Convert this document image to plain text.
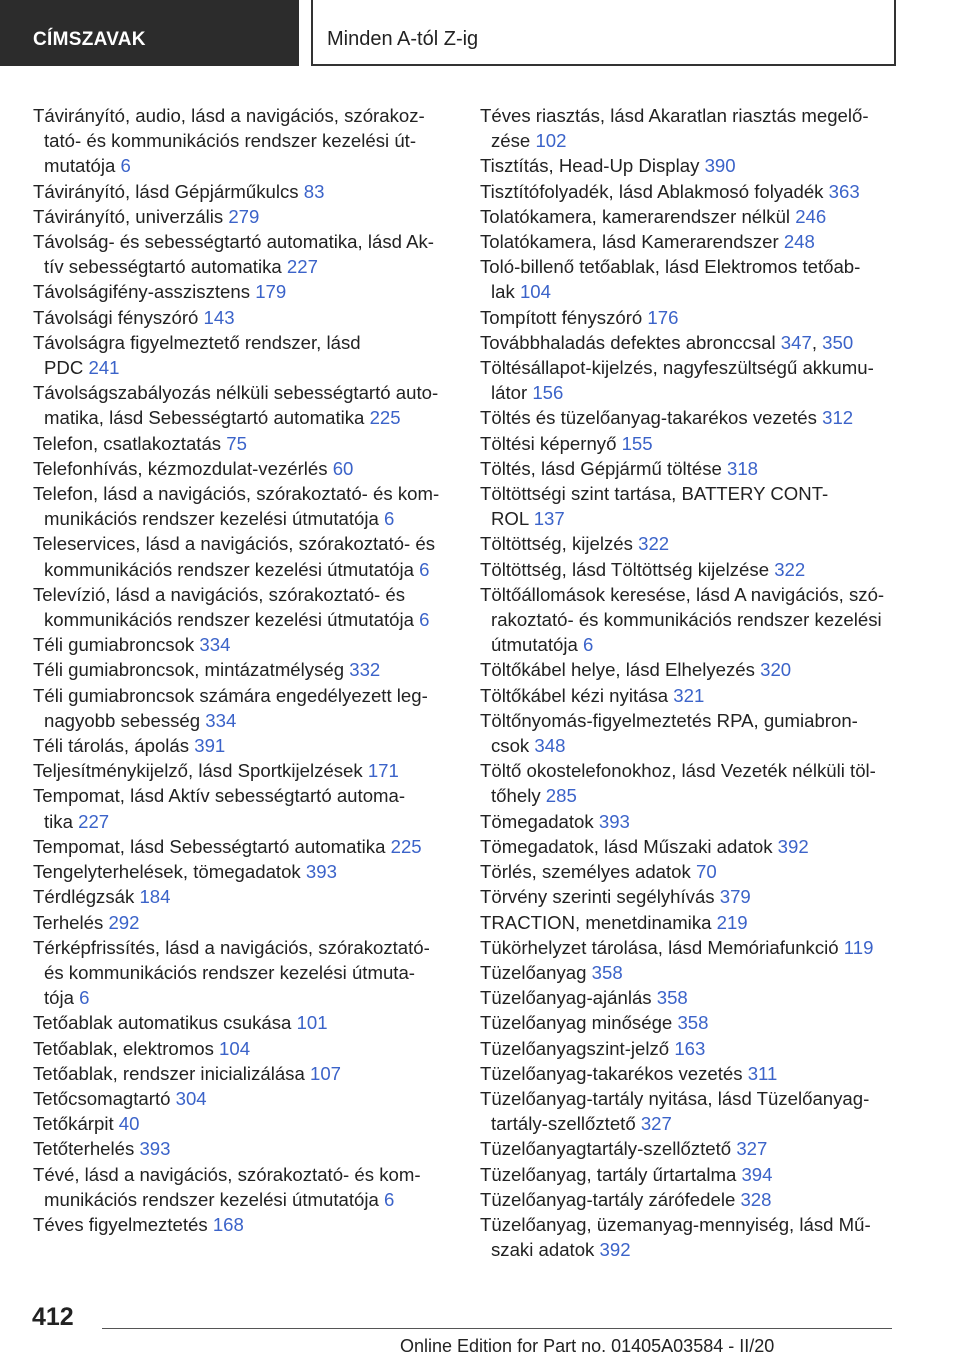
CÍMSZAVAK	Minden A-tól Z-ig
Távirányító, audio, lásd a navigációs, szórakoz-
tató- és kommunikációs rendszer kezelési út-
mutatója 6
Távirányító, lásd Gépjárműkulcs 83
Távirányító, univerzális 279
Távolság- és sebességtartó automatika, lásd Ak-
tív sebességtartó automatika 227
Távolságifény-asszisztens 179
Távolsági fényszóró 143
Távolságra figyelmeztető rendszer, lásd
PDC 241
Távolságszabályozás nélküli sebességtartó auto-
matika, lásd Sebességtartó automatika 225
Telefon, csatlakoztatás 75
Telefonhívás, kézmozdulat-vezérlés 60
Telefon, lásd a navigációs, szórakoztató- és kom-
munikációs rendszer kezelési útmutatója 6
Teleservices, lásd a navigációs, szórakoztató- és
kommunikációs rendszer kezelési útmutatója 6
Televízió, lásd a navigációs, szórakoztató- és
kommunikációs rendszer kezelési útmutatója 6
Téli gumiabroncsok 334
Téli gumiabroncsok, mintázatmélység 332
Téli gumiabroncsok számára engedélyezett leg-
nagyobb sebesség 334
Téli tárolás, ápolás 391
Teljesítménykijelző, lásd Sportkijelzések 171
Tempomat, lásd Aktív sebességtartó automa-
tika 227
Tempomat, lásd Sebességtartó automatika 225
Tengelyterhelések, tömegadatok 393
Térdlégzsák 184
Terhelés 292
Térképfrissítés, lásd a navigációs, szórakoztató-
és kommunikációs rendszer kezelési útmuta-
tója 6
Tetőablak automatikus csukása 101
Tetőablak, elektromos 104
Tetőablak, rendszer inicializálása 107
Tetőcsomagtartó 304
Tetőkárpit 40
Tetőterhelés 393
Tévé, lásd a navigációs, szórakoztató- és kom-
munikációs rendszer kezelési útmutatója 6
Téves figyelmeztetés 168
Téves riasztás, lásd Akaratlan riasztás megelő-
zése 102
Tisztítás, Head-Up Display 390
Tisztítófolyadék, lásd Ablakmosó folyadék 363
Tolatókamera, kamerarendszer nélkül 246
Tolatókamera, lásd Kamerarendszer 248
Toló-billenő tetőablak, lásd Elektromos tetőab-
lak 104
Tompított fényszóró 176
Továbbhaladás defektes abronccsal 347, 350
Töltésállapot-kijelzés, nagyfeszültségű akkumu-
látor 156
Töltés és tüzelőanyag-takarékos vezetés 312
Töltési képernyő 155
Töltés, lásd Gépjármű töltése 318
Töltöttségi szint tartása, BATTERY CONT-
ROL 137
Töltöttség, kijelzés 322
Töltöttség, lásd Töltöttség kijelzése 322
Töltőállomások keresése, lásd A navigációs, szó-
rakoztató- és kommunikációs rendszer kezelési
útmutatója 6
Töltőkábel helye, lásd Elhelyezés 320
Töltőkábel kézi nyitása 321
Töltőnyomás-figyelmeztetés RPA, gumiabron-
csok 348
Töltő okostelefonokhoz, lásd Vezeték nélküli töl-
tőhely 285
Tömegadatok 393
Tömegadatok, lásd Műszaki adatok 392
Törlés, személyes adatok 70
Törvény szerinti segélyhívás 379
TRACTION, menetdinamika 219
Tükörhelyzet tárolása, lásd Memóriafunkció 119
Tüzelőanyag 358
Tüzelőanyag-ajánlás 358
Tüzelőanyag minősége 358
Tüzelőanyagszint-jelző 163
Tüzelőanyag-takarékos vezetés 311
Tüzelőanyag-tartály nyitása, lásd Tüzelőanyag-
tartály-szellőztető 327
Tüzelőanyagtartály-szellőztető 327
Tüzelőanyag, tartály űrtartalma 394
Tüzelőanyag-tartály zárófedele 328
Tüzelőanyag, üzemanyag-mennyiség, lásd Mű-
szaki adatok 392
412
Online Edition for Part no. 01405A03584 - II/20
